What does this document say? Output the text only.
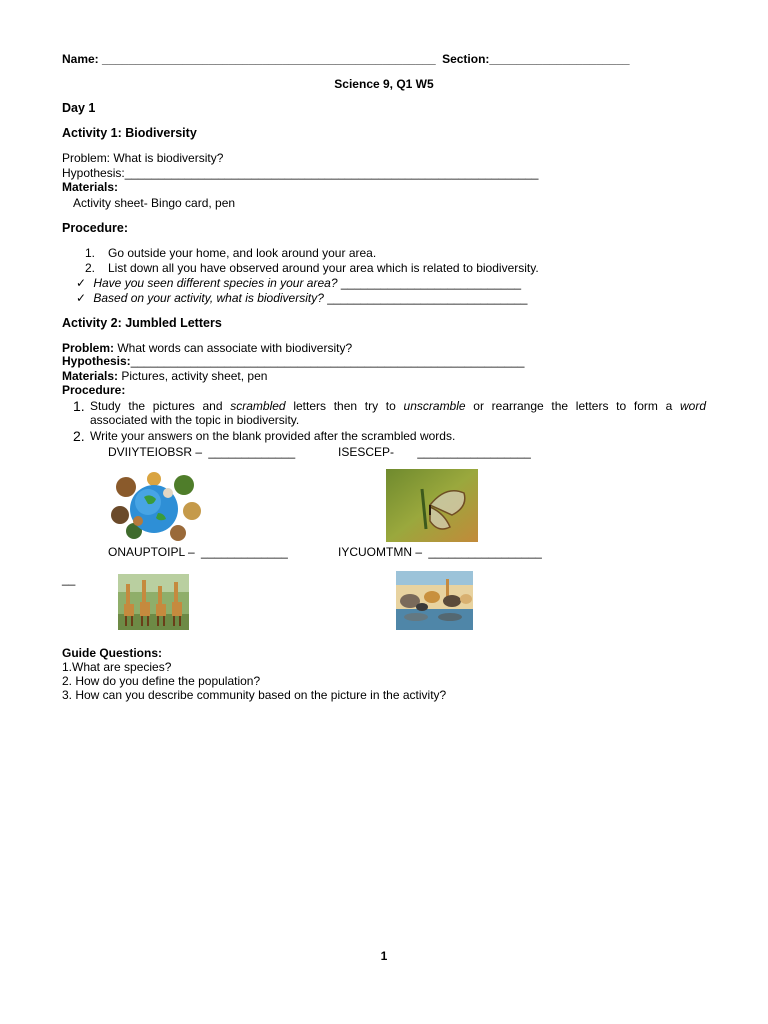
Name: __________________________________________________ Section:_____________________
Science 9, Q1 W5
Day 1
Activity 1: Biodiversity
Problem: What is biodiversity?
Hypothesis:______________________________________________________________
Materials:
Activity sheet- Bingo card, pen
Procedure:
1. Go outside your home, and look around your area.
2. List down all you have observed around your area which is related to biodiversity.
✓ Have you seen different species in your area? ___________________________
✓ Based on your activity, what is biodiversity? ______________________________
Activity 2: Jumbled Letters
Problem: What words can associate with biodiversity?
Hypothesis:___________________________________________________________
Materials: Pictures, activity sheet, pen
Procedure:
1. Study the pictures and scrambled letters then try to unscramble or rearrange the letters to form a word
associated with the topic in biodiversity.
2. Write your answers on the blank provided after the scrambled words.
DVIIYTEIOBSR – _____________	ISESCEP- _________________
ONAUPTOIPL – _____________	IYCUOMTMN – _________________
__
Guide Questions:
1.What are species?
2. How do you define the population?
3. How can you describe community based on the picture in the activity?
1
